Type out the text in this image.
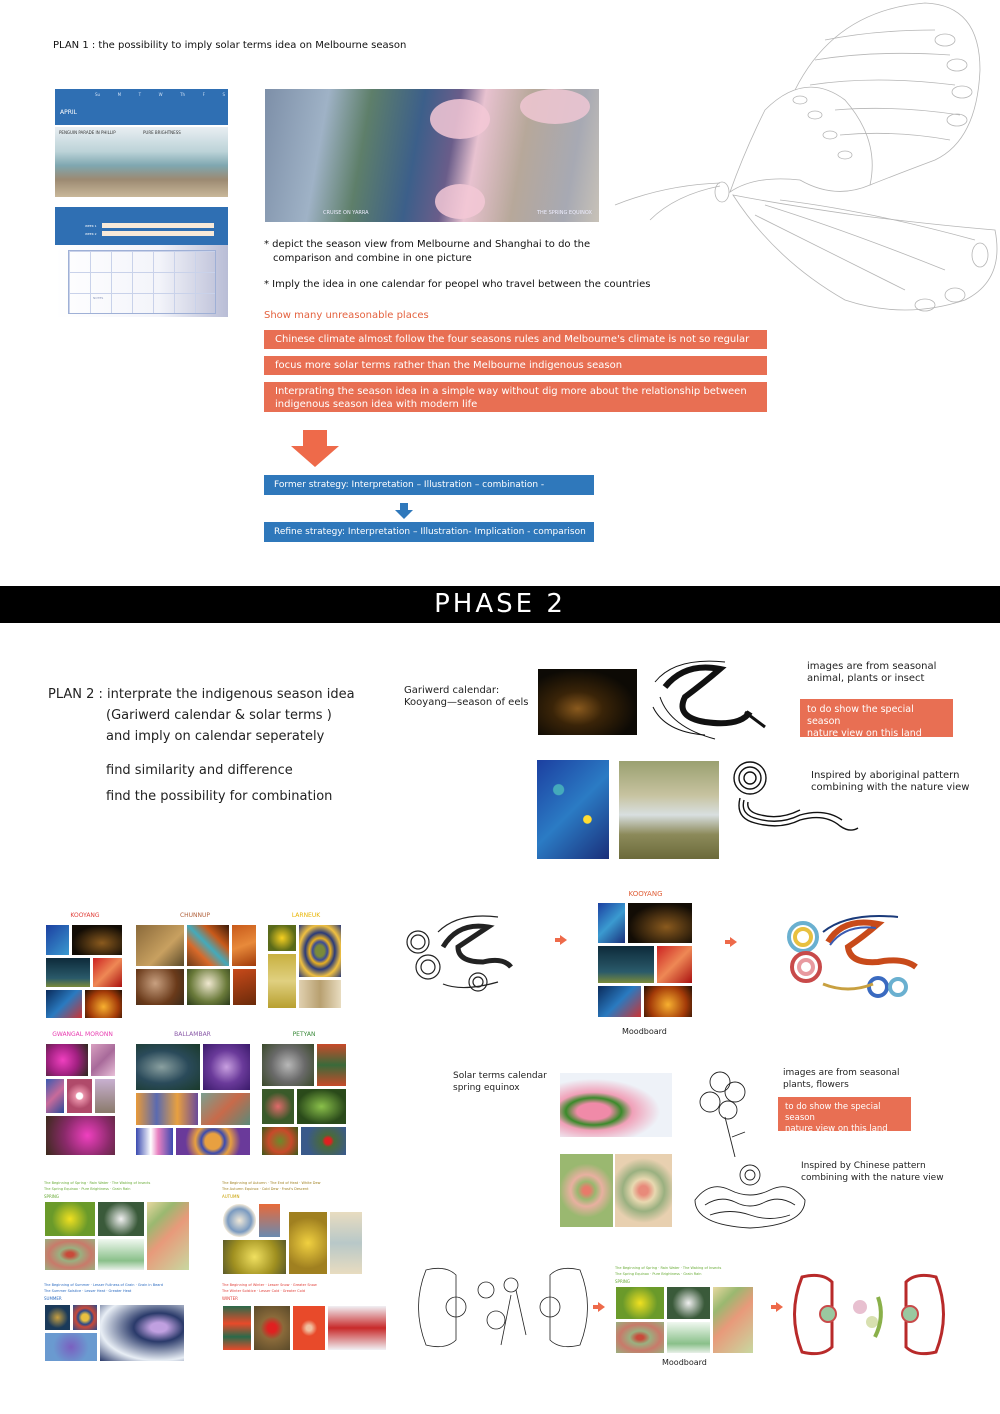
PLAN 1 : the possibility to imply solar terms idea on Melbourne season
Su	M	T	W	Th	F	S
APRIL
PENGUIN PARADE IN PHILLIP	PURE BRIGHTNESS
WEEK 1
WEEK 2
NOTES
CRUISE ON YARRA	THE SPRING EQUINOX
* depict the season view from Melbourne and Shanghai to do the
comparison and combine in one picture
* Imply the idea in one calendar for peopel who travel between the countries
Show many unreasonable places
Chinese climate almost follow the four seasons rules and Melbourne's climate is not so regular
focus more solar terms rather than the Melbourne indigenous season
Interprating the season idea in a simple way without dig more about the relationship between
indigenous season idea with modern life
Former strategy: Interpretation – Illustration – combination - Implication
Refine strategy: Interpretation – Illustration- Implication - comparison
PHASE 2
PLAN 2 : interprate the indigenous season idea
(Gariwerd calendar & solar terms )
and imply on calendar seperately
find similarity and difference
find the possibility for combination
Gariwerd calendar:
Kooyang—season of eels
images are from seasonal
animal, plants or insect
to do show the special season
nature view on this land
Inspired by aboriginal pattern
combining with the nature view
KOOYANG	CHUNNUP	LARNEUK
GWANGAL MORONN	BALLAMBAR	PETYAN
The Beginning of Spring · Rain Water · The Waking of Insects
The Spring Equinox · Pure Brightness · Grain Rain
SPRING
The Beginning of Autumn · The End of Heat · White Dew
The Autumn Equinox · Cold Dew · Frost's Descent
AUTUMN
The Beginning of Summer · Lesser Fullness of Grain · Grain in Beard
The Summer Solstice · Lesser Heat · Greater Heat
SUMMER
The Beginning of Winter · Lesser Snow · Greater Snow
The Winter Solstice · Lesser Cold · Greater Cold
WINTER
KOOYANG
Moodboard
Solar terms calendar
spring equinox
images are from seasonal
plants, flowers
to do show the special season
nature view on this land
Inspired by Chinese pattern
combining with the nature view
The Beginning of Spring · Rain Water · The Waking of Insects
The Spring Equinox · Pure Brightness · Grain Rain
SPRING
Moodboard
